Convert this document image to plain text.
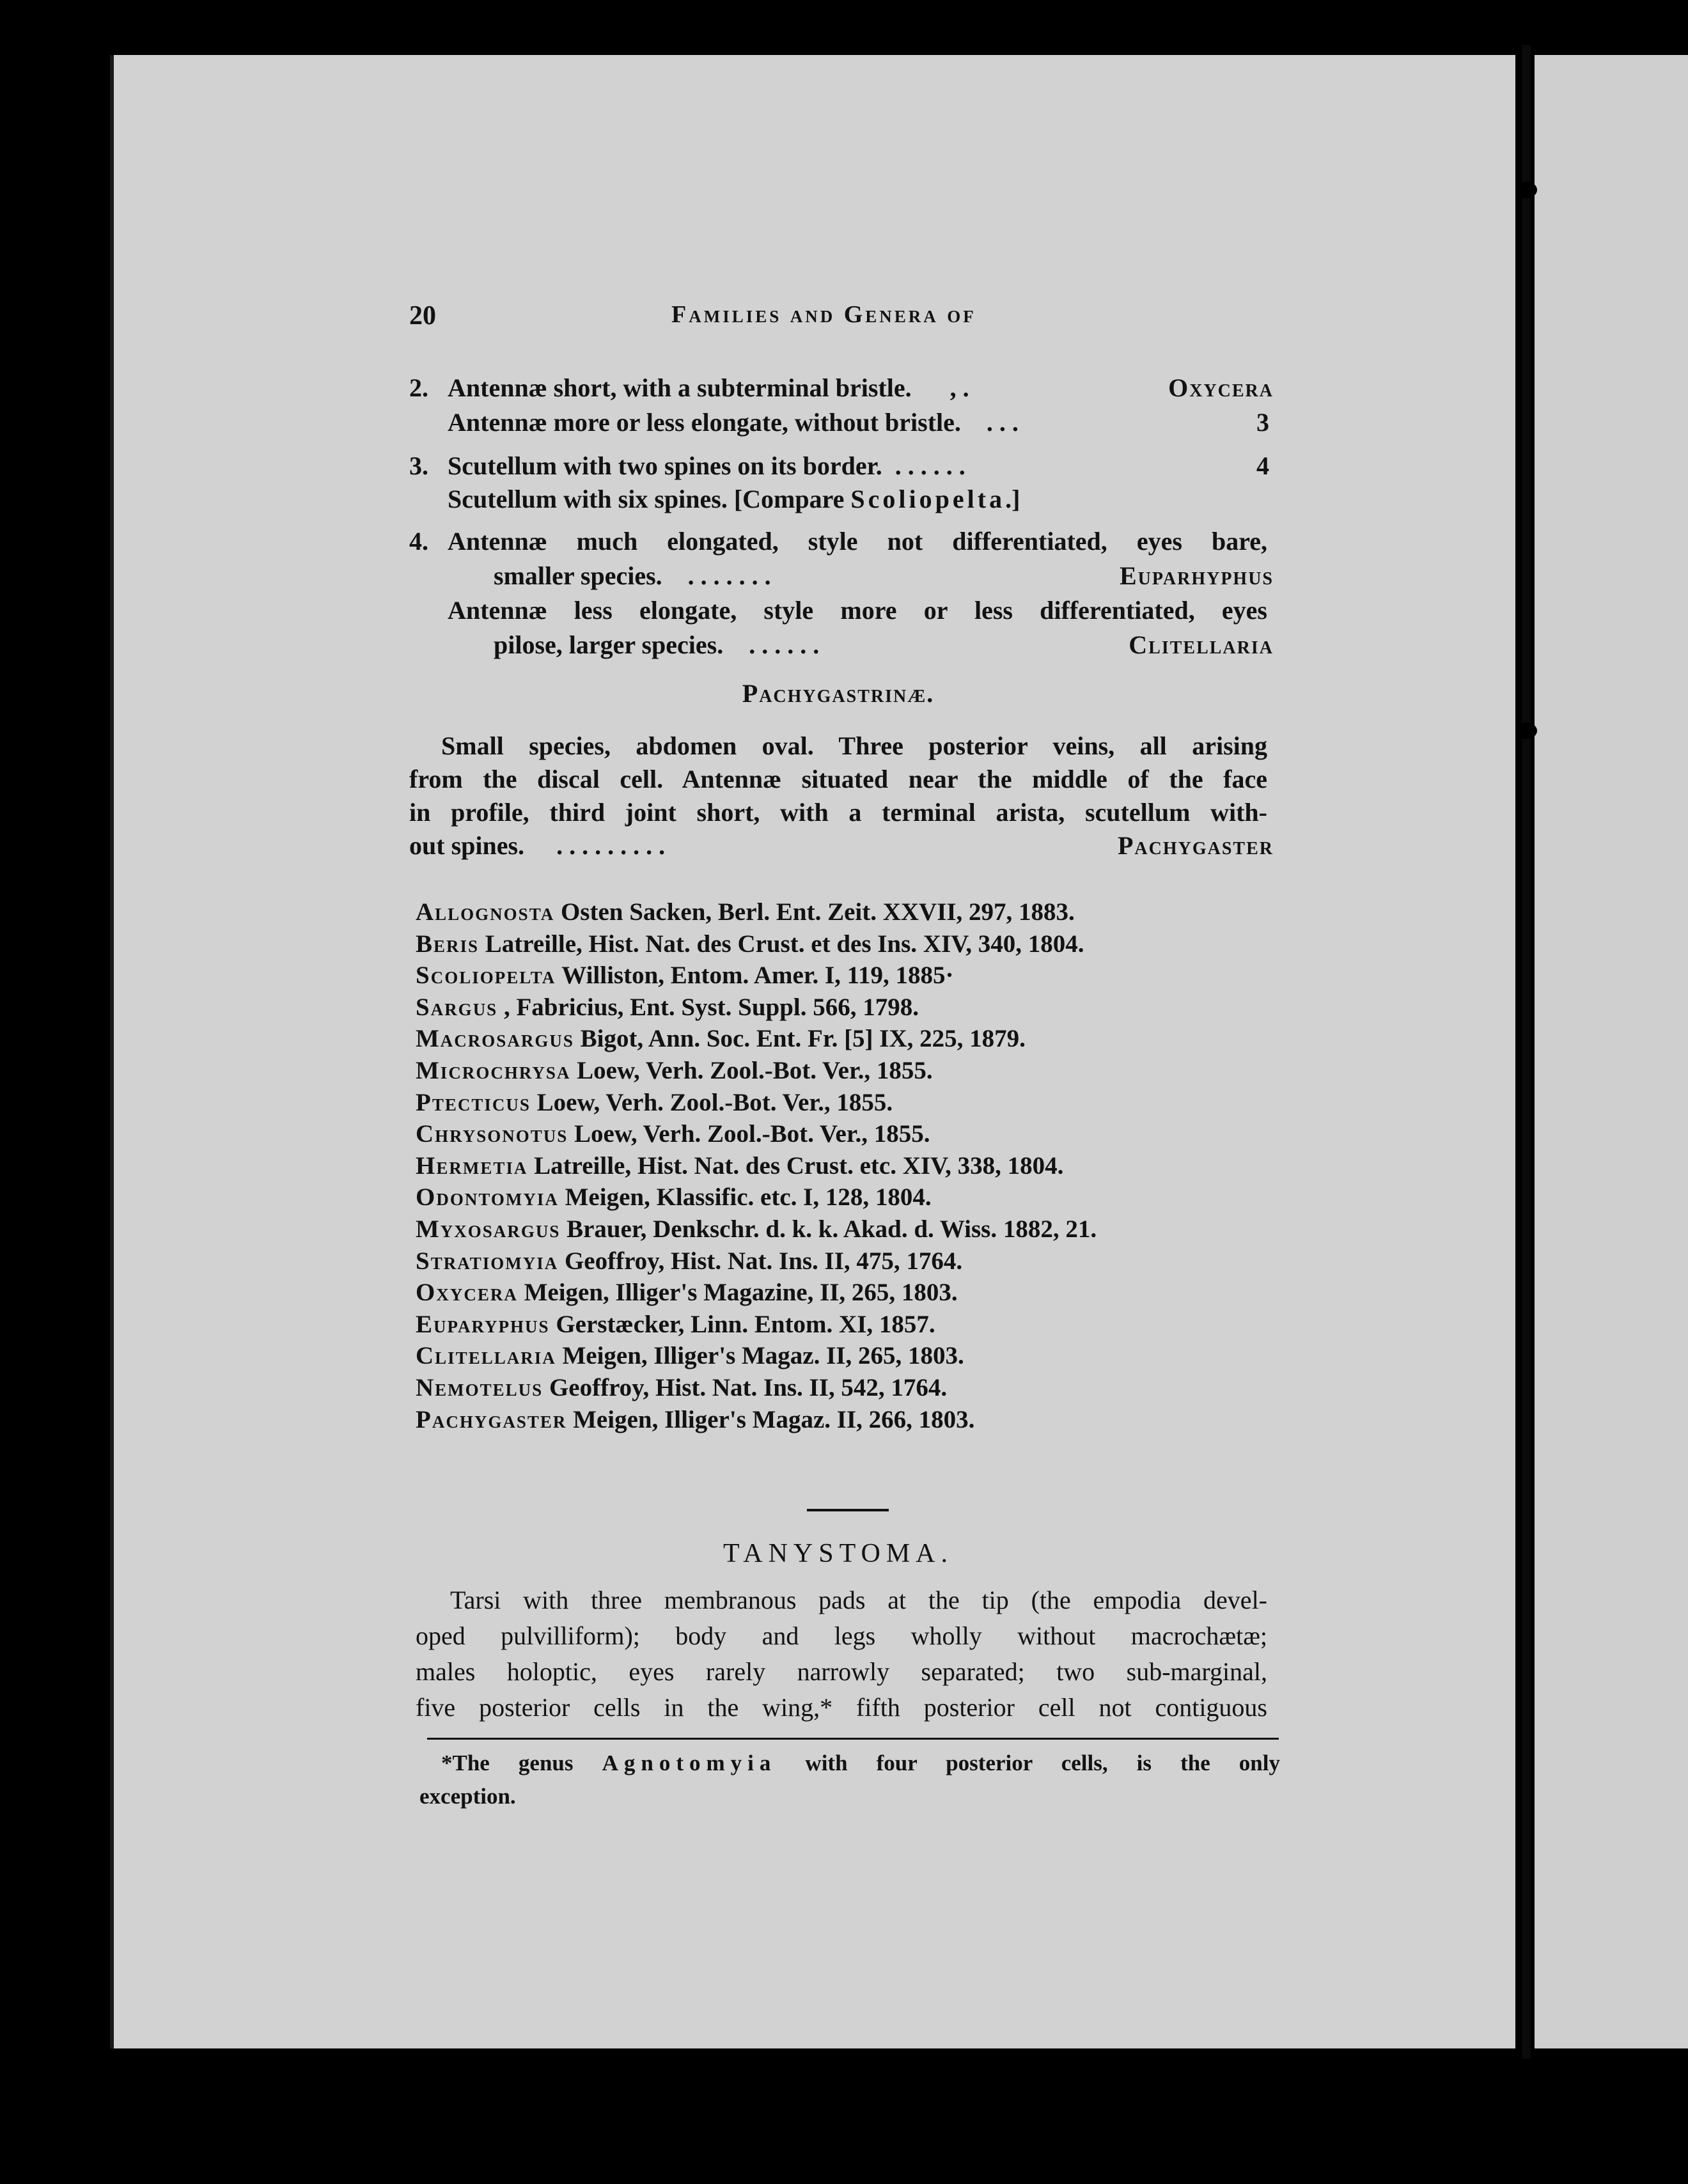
20	Families and Genera of
2. Antennæ short, with a subterminal bristle. , .	Oxycera
Antennæ more or less elongate, without bristle. . . .	3
3. Scutellum with two spines on its border. . . . . . .	4
Scutellum with six spines. [Compare Scoliopelta.]
4. Antennæ much elongated, style not differentiated, eyes bare,
smaller species. . . . . . . .	Euparhyphus
Antennæ less elongate, style more or less differentiated, eyes
pilose, larger species. . . . . . .	Clitellaria
Pachygastrinæ.
Small species, abdomen oval. Three posterior veins, all arising
from the discal cell. Antennæ situated near the middle of the face
in profile, third joint short, with a terminal arista, scutellum with-
out spines. . . . . . . . . .	Pachygaster
Allognosta Osten Sacken, Berl. Ent. Zeit. XXVII, 297, 1883.
Beris Latreille, Hist. Nat. des Crust. et des Ins. XIV, 340, 1804.
Scoliopelta Williston, Entom. Amer. I, 119, 1885·
Sargus , Fabricius, Ent. Syst. Suppl. 566, 1798.
Macrosargus Bigot, Ann. Soc. Ent. Fr. [5] IX, 225, 1879.
Microchrysa Loew, Verh. Zool.-Bot. Ver., 1855.
Ptecticus Loew, Verh. Zool.-Bot. Ver., 1855.
Chrysonotus Loew, Verh. Zool.-Bot. Ver., 1855.
Hermetia Latreille, Hist. Nat. des Crust. etc. XIV, 338, 1804.
Odontomyia Meigen, Klassific. etc. I, 128, 1804.
Myxosargus Brauer, Denkschr. d. k. k. Akad. d. Wiss. 1882, 21.
Stratiomyia Geoffroy, Hist. Nat. Ins. II, 475, 1764.
Oxycera Meigen, Illiger's Magazine, II, 265, 1803.
Euparyphus Gerstæcker, Linn. Entom. XI, 1857.
Clitellaria Meigen, Illiger's Magaz. II, 265, 1803.
Nemotelus Geoffroy, Hist. Nat. Ins. II, 542, 1764.
Pachygaster Meigen, Illiger's Magaz. II, 266, 1803.
TANYSTOMA.
Tarsi with three membranous pads at the tip (the empodia devel-
oped pulvilliform); body and legs wholly without macrochætæ;
males holoptic, eyes rarely narrowly separated; two sub-marginal,
five posterior cells in the wing,* fifth posterior cell not contiguous
*The genus Agnotomyia with four posterior cells, is the only
exception.
